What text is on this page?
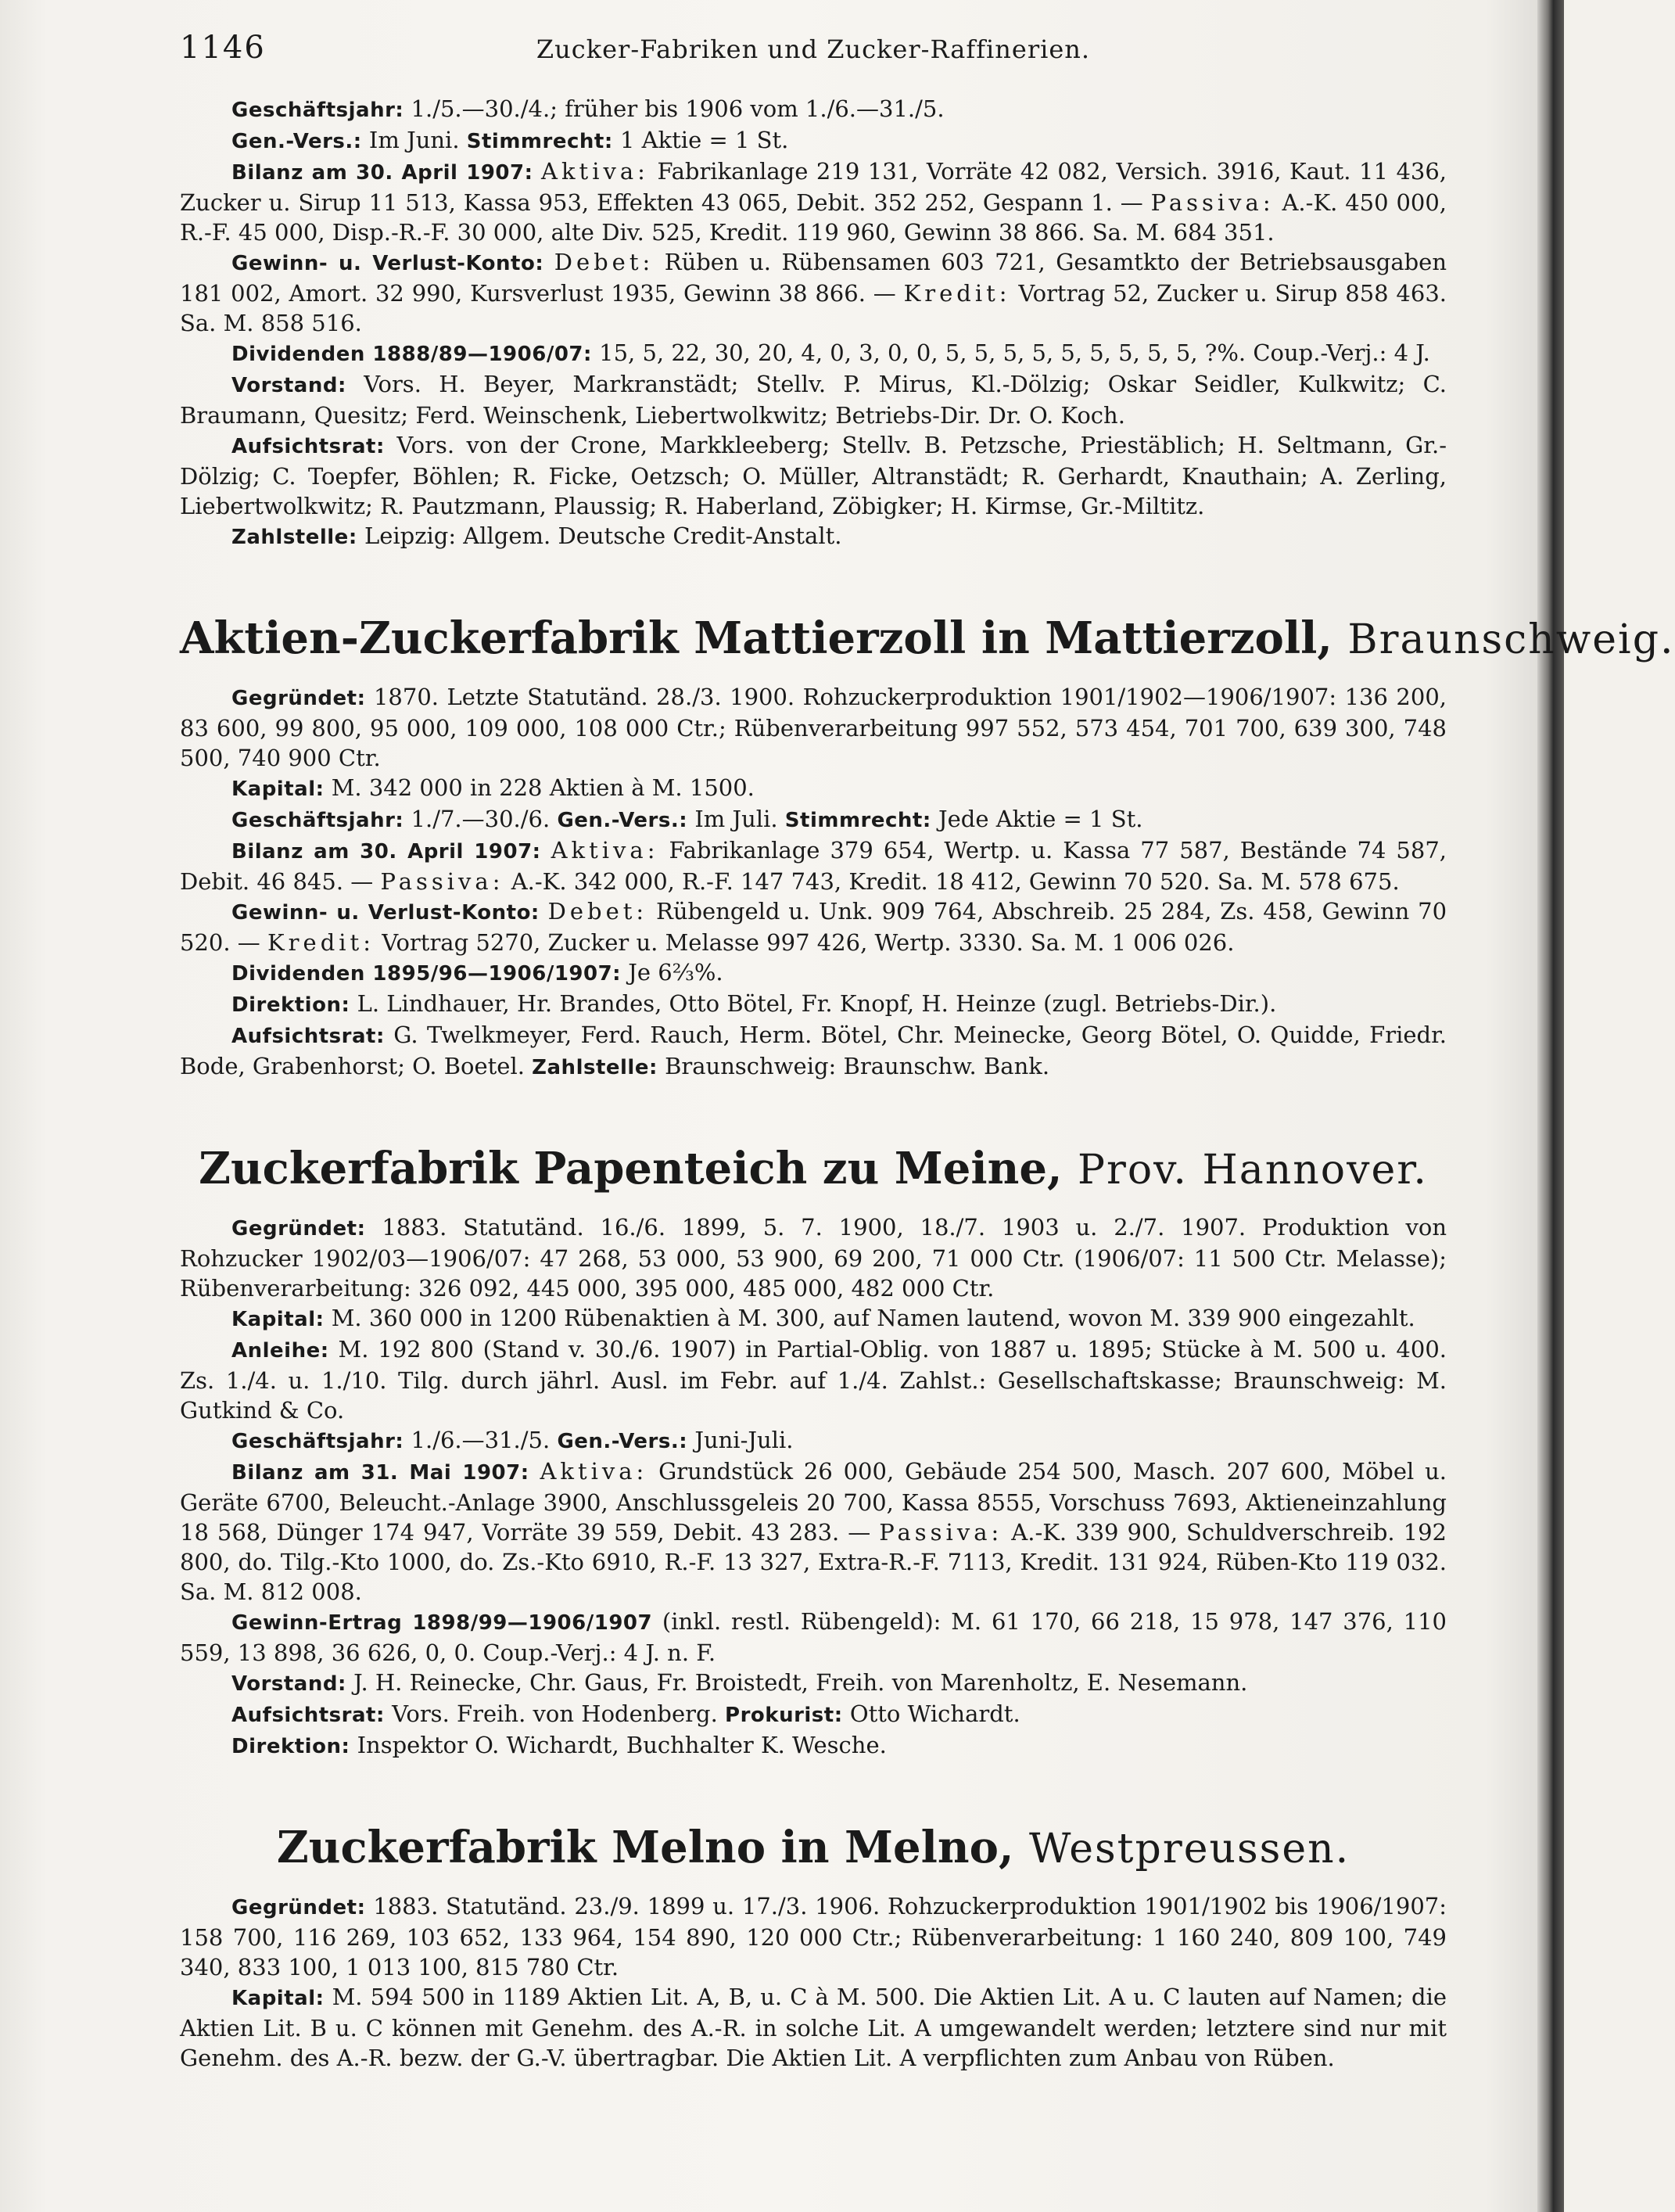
1146	Zucker-Fabriken und Zucker-Raffinerien.

Geschäftsjahr: 1./5.—30./4.; früher bis 1906 vom 1./6.—31./5.

Gen.-Vers.: Im Juni. Stimmrecht: 1 Aktie = 1 St.

Bilanz am 30. April 1907: Aktiva: Fabrikanlage 219 131, Vorräte 42 082, Versich. 3916, Kaut. 11 436, Zucker u. Sirup 11 513, Kassa 953, Effekten 43 065, Debit. 352 252, Gespann 1. — Passiva: A.-K. 450 000, R.-F. 45 000, Disp.-R.-F. 30 000, alte Div. 525, Kredit. 119 960, Gewinn 38 866. Sa. M. 684 351.

Gewinn- u. Verlust-Konto: Debet: Rüben u. Rübensamen 603 721, Gesamtkto der Betriebsausgaben 181 002, Amort. 32 990, Kursverlust 1935, Gewinn 38 866. — Kredit: Vortrag 52, Zucker u. Sirup 858 463. Sa. M. 858 516.

Dividenden 1888/89—1906/07: 15, 5, 22, 30, 20, 4, 0, 3, 0, 0, 5, 5, 5, 5, 5, 5, 5, 5, 5, ?%. Coup.-Verj.: 4 J.

Vorstand: Vors. H. Beyer, Markranstädt; Stellv. P. Mirus, Kl.-Dölzig; Oskar Seidler, Kulkwitz; C. Braumann, Quesitz; Ferd. Weinschenk, Liebertwolkwitz; Betriebs-Dir. Dr. O. Koch.

Aufsichtsrat: Vors. von der Crone, Markkleeberg; Stellv. B. Petzsche, Priestäblich; H. Seltmann, Gr.-Dölzig; C. Toepfer, Böhlen; R. Ficke, Oetzsch; O. Müller, Altranstädt; R. Gerhardt, Knauthain; A. Zerling, Liebertwolkwitz; R. Pautzmann, Plaussig; R. Haberland, Zöbigker; H. Kirmse, Gr.-Miltitz.

Zahlstelle: Leipzig: Allgem. Deutsche Credit-Anstalt.

Aktien-Zuckerfabrik Mattierzoll in Mattierzoll, Braunschweig.

Gegründet: 1870. Letzte Statutänd. 28./3. 1900. Rohzuckerproduktion 1901/1902—1906/1907: 136 200, 83 600, 99 800, 95 000, 109 000, 108 000 Ctr.; Rübenverarbeitung 997 552, 573 454, 701 700, 639 300, 748 500, 740 900 Ctr.

Kapital: M. 342 000 in 228 Aktien à M. 1500.

Geschäftsjahr: 1./7.—30./6. Gen.-Vers.: Im Juli. Stimmrecht: Jede Aktie = 1 St.

Bilanz am 30. April 1907: Aktiva: Fabrikanlage 379 654, Wertp. u. Kassa 77 587, Bestände 74 587, Debit. 46 845. — Passiva: A.-K. 342 000, R.-F. 147 743, Kredit. 18 412, Gewinn 70 520. Sa. M. 578 675.

Gewinn- u. Verlust-Konto: Debet: Rübengeld u. Unk. 909 764, Abschreib. 25 284, Zs. 458, Gewinn 70 520. — Kredit: Vortrag 5270, Zucker u. Melasse 997 426, Wertp. 3330. Sa. M. 1 006 026.

Dividenden 1895/96—1906/1907: Je 6⅔%.

Direktion: L. Lindhauer, Hr. Brandes, Otto Bötel, Fr. Knopf, H. Heinze (zugl. Betriebs-Dir.).

Aufsichtsrat: G. Twelkmeyer, Ferd. Rauch, Herm. Bötel, Chr. Meinecke, Georg Bötel, O. Quidde, Friedr. Bode, Grabenhorst; O. Boetel. Zahlstelle: Braunschweig: Braunschw. Bank.

Zuckerfabrik Papenteich zu Meine, Prov. Hannover.

Gegründet: 1883. Statutänd. 16./6. 1899, 5. 7. 1900, 18./7. 1903 u. 2./7. 1907. Produktion von Rohzucker 1902/03—1906/07: 47 268, 53 000, 53 900, 69 200, 71 000 Ctr. (1906/07: 11 500 Ctr. Melasse); Rübenverarbeitung: 326 092, 445 000, 395 000, 485 000, 482 000 Ctr.

Kapital: M. 360 000 in 1200 Rübenaktien à M. 300, auf Namen lautend, wovon M. 339 900 eingezahlt.

Anleihe: M. 192 800 (Stand v. 30./6. 1907) in Partial-Oblig. von 1887 u. 1895; Stücke à M. 500 u. 400. Zs. 1./4. u. 1./10. Tilg. durch jährl. Ausl. im Febr. auf 1./4. Zahlst.: Gesellschaftskasse; Braunschweig: M. Gutkind & Co.

Geschäftsjahr: 1./6.—31./5. Gen.-Vers.: Juni-Juli.

Bilanz am 31. Mai 1907: Aktiva: Grundstück 26 000, Gebäude 254 500, Masch. 207 600, Möbel u. Geräte 6700, Beleucht.-Anlage 3900, Anschlussgeleis 20 700, Kassa 8555, Vorschuss 7693, Aktieneinzahlung 18 568, Dünger 174 947, Vorräte 39 559, Debit. 43 283. — Passiva: A.-K. 339 900, Schuldverschreib. 192 800, do. Tilg.-Kto 1000, do. Zs.-Kto 6910, R.-F. 13 327, Extra-R.-F. 7113, Kredit. 131 924, Rüben-Kto 119 032. Sa. M. 812 008.

Gewinn-Ertrag 1898/99—1906/1907 (inkl. restl. Rübengeld): M. 61 170, 66 218, 15 978, 147 376, 110 559, 13 898, 36 626, 0, 0. Coup.-Verj.: 4 J. n. F.

Vorstand: J. H. Reinecke, Chr. Gaus, Fr. Broistedt, Freih. von Marenholtz, E. Nesemann.

Aufsichtsrat: Vors. Freih. von Hodenberg. Prokurist: Otto Wichardt.

Direktion: Inspektor O. Wichardt, Buchhalter K. Wesche.

Zuckerfabrik Melno in Melno, Westpreussen.

Gegründet: 1883. Statutänd. 23./9. 1899 u. 17./3. 1906. Rohzuckerproduktion 1901/1902 bis 1906/1907: 158 700, 116 269, 103 652, 133 964, 154 890, 120 000 Ctr.; Rübenverarbeitung: 1 160 240, 809 100, 749 340, 833 100, 1 013 100, 815 780 Ctr.

Kapital: M. 594 500 in 1189 Aktien Lit. A, B, u. C à M. 500. Die Aktien Lit. A u. C lauten auf Namen; die Aktien Lit. B u. C können mit Genehm. des A.-R. in solche Lit. A umgewandelt werden; letztere sind nur mit Genehm. des A.-R. bezw. der G.-V. übertragbar. Die Aktien Lit. A verpflichten zum Anbau von Rüben.
